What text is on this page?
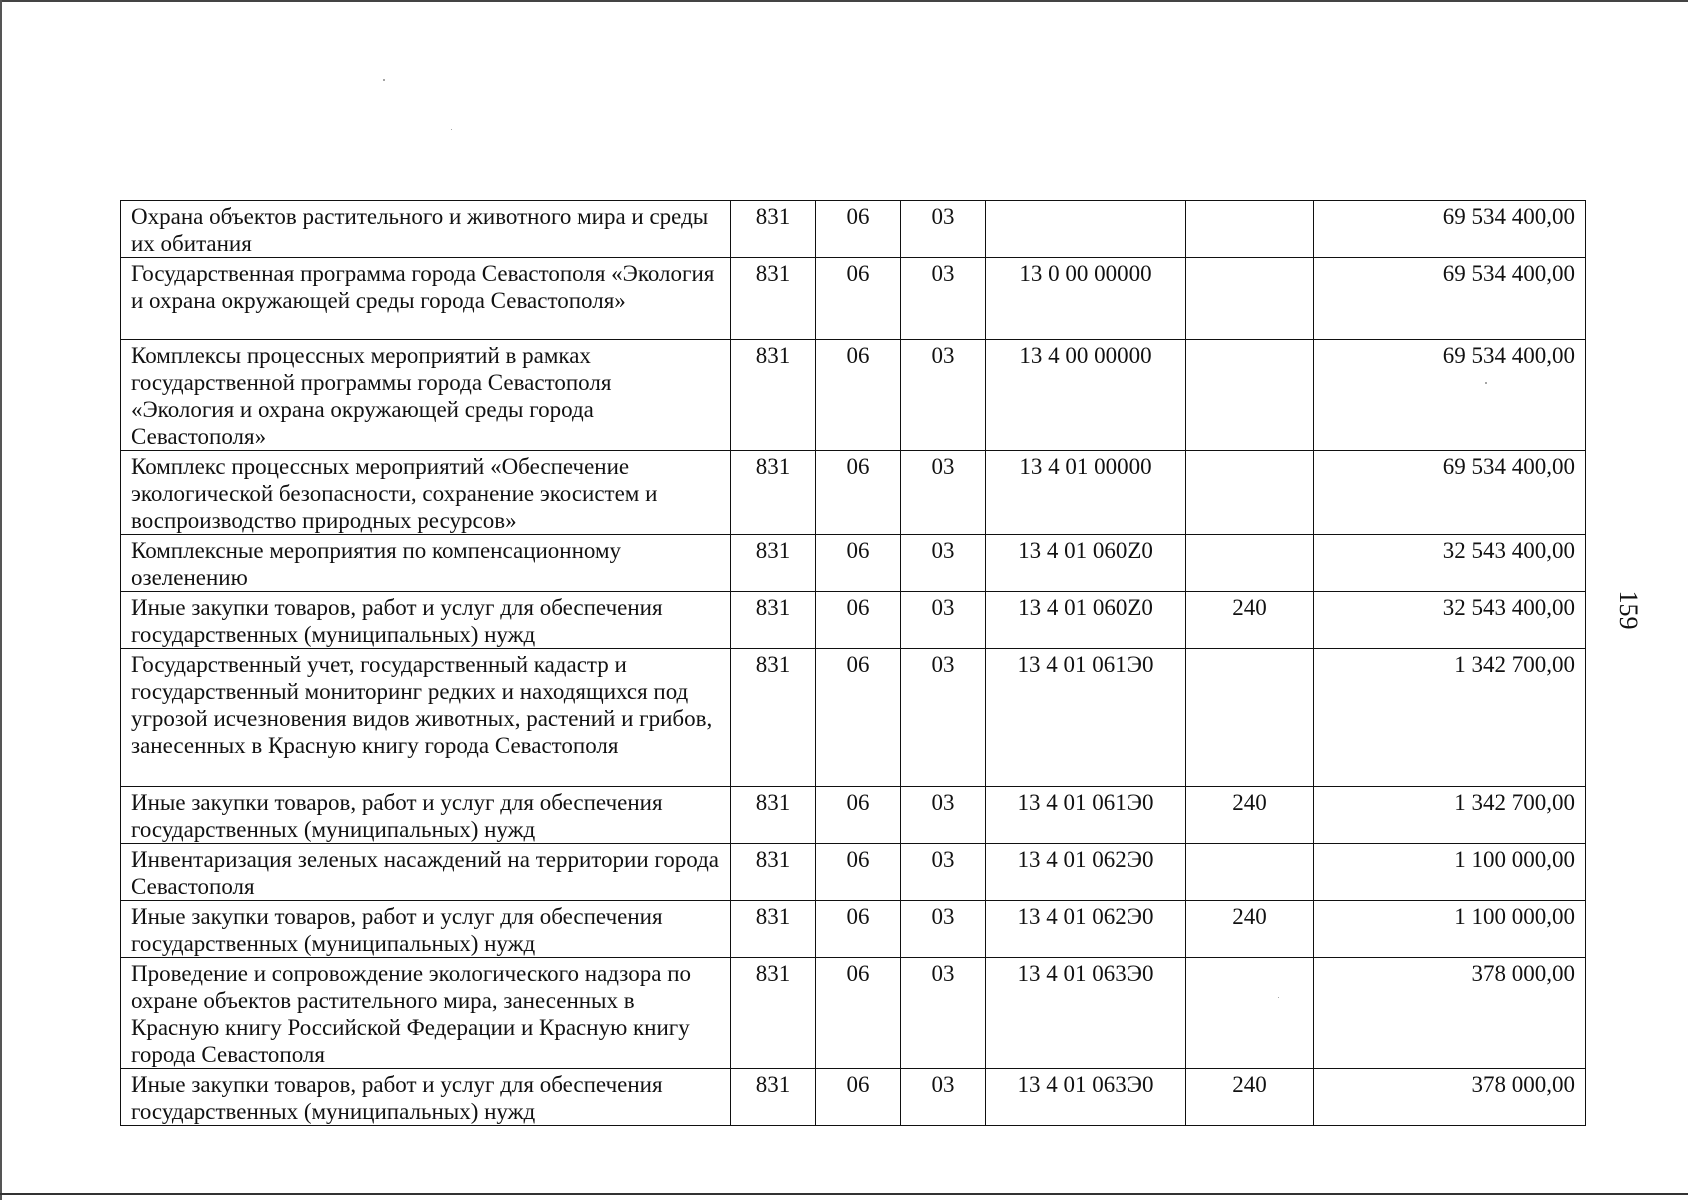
Охрана объектов растительного и животного мира и среды их обитания	831	06	03			69 534 400,00
Государственная программа города Севастополя «Экология и охрана окружающей среды города Севастополя»	831	06	03	13 0 00 00000		69 534 400,00
Комплексы процессных мероприятий в рамках государственной программы города Севастополя «Экология и охрана окружающей среды города Севастополя»	831	06	03	13 4 00 00000		69 534 400,00
Комплекс процессных мероприятий «Обеспечение экологической безопасности, сохранение экосистем и воспроизводство природных ресурсов»	831	06	03	13 4 01 00000		69 534 400,00
Комплексные мероприятия по компенсационному озеленению	831	06	03	13 4 01 060Z0		32 543 400,00
Иные закупки товаров, работ и услуг для обеспечения государственных (муниципальных) нужд	831	06	03	13 4 01 060Z0	240	32 543 400,00
Государственный учет, государственный кадастр и государственный мониторинг редких и находящихся под угрозой исчезновения видов животных, растений и грибов, занесенных в Красную книгу города Севастополя	831	06	03	13 4 01 061Э0		1 342 700,00
Иные закупки товаров, работ и услуг для обеспечения государственных (муниципальных) нужд	831	06	03	13 4 01 061Э0	240	1 342 700,00
Инвентаризация зеленых насаждений на территории города Севастополя	831	06	03	13 4 01 062Э0		1 100 000,00
Иные закупки товаров, работ и услуг для обеспечения государственных (муниципальных) нужд	831	06	03	13 4 01 062Э0	240	1 100 000,00
Проведение и сопровождение экологического надзора по охране объектов растительного мира, занесенных в Красную книгу Российской Федерации и Красную книгу города Севастополя	831	06	03	13 4 01 063Э0		378 000,00
Иные закупки товаров, работ и услуг для обеспечения государственных (муниципальных) нужд	831	06	03	13 4 01 063Э0	240	378 000,00
159
